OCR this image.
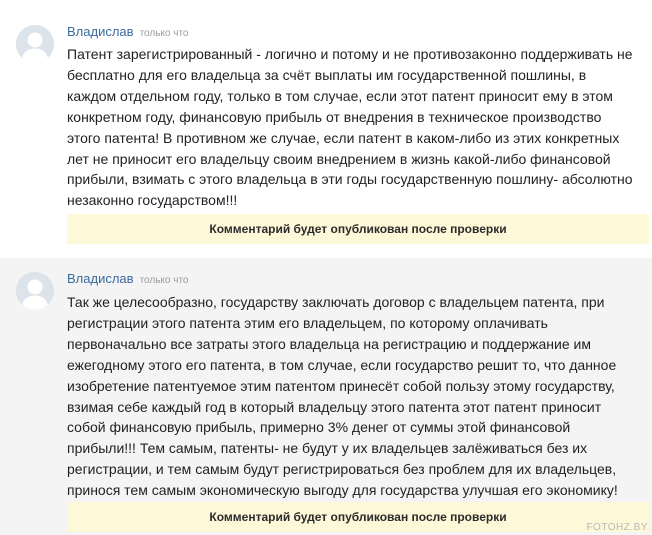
Владислав только что

Патент зарегистрированный - логично и потому и не противозаконно поддерживать не бесплатно для его владельца за счёт выплаты им государственной пошлины, в каждом отдельном году, только в том случае, если этот патент приносит ему в этом конкретном году, финансовую прибыль от внедрения в техническое производство этого патента! В противном же случае, если патент в каком-либо из этих конкретных лет не приносит его владельцу своим внедрением в жизнь какой-либо финансовой прибыли, взимать с этого владельца в эти годы государственную пошлину- абсолютно незаконно государством!!!

Комментарий будет опубликован после проверки
Владислав только что

Так же целесообразно, государству заключать договор с владельцем патента, при регистрации этого патента этим его владельцем, по которому оплачивать первоначально все затраты этого владельца на регистрацию и поддержание им ежегодному этого его патента, в том случае, если государство решит то, что данное изобретение патентуемое этим патентом принесёт собой пользу этому государству, взимая себе каждый год в который владельцу этого патента этот патент приносит собой финансовую прибыль, примерно 3% денег от суммы этой финансовой прибыли!!! Тем самым, патенты- не будут у их владельцев залёживаться без их регистрации, и тем самым будут регистрироваться без проблем для их владельцев, принося тем самым экономическую выгоду для государства улучшая его экономику!

Комментарий будет опубликован после проверки
FOTOHZ.BY
